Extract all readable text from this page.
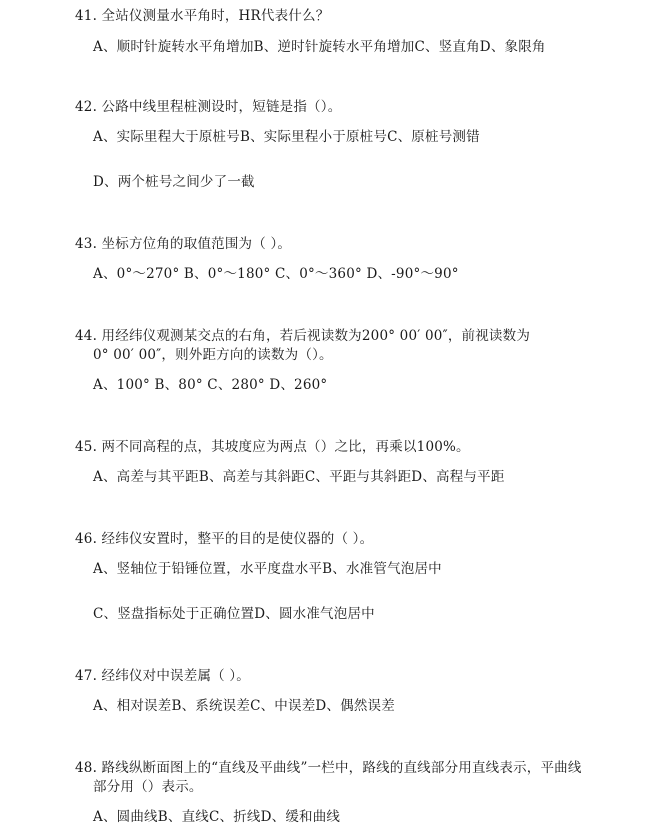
41. 全站仪测量水平角时，HR代表什么？
A、顺时针旋转水平角增加B、逆时针旋转水平角增加C、竖直角D、象限角
42. 公路中线里程桩测设时，短链是指（）。
A、实际里程大于原桩号B、实际里程小于原桩号C、原桩号测错
D、两个桩号之间少了一截
43. 坐标方位角的取值范围为（ ）。
A、0°～270° B、0°～180° C、0°～360° D、-90°～90°
44. 用经纬仪观测某交点的右角，若后视读数为200° 00′ 00″，前视读数为
0° 00′ 00″，则外距方向的读数为（）。
A、100° B、80° C、280° D、260°
45. 两不同高程的点，其坡度应为两点（）之比，再乘以100%。
A、高差与其平距B、高差与其斜距C、平距与其斜距D、高程与平距
46. 经纬仪安置时，整平的目的是使仪器的（ ）。
A、竖轴位于铅锤位置，水平度盘水平B、水准管气泡居中
C、竖盘指标处于正确位置D、圆水准气泡居中
47. 经纬仪对中误差属（ ）。
A、相对误差B、系统误差C、中误差D、偶然误差
48. 路线纵断面图上的“直线及平曲线”一栏中，路线的直线部分用直线表示，平曲线
部分用（）表示。
A、圆曲线B、直线C、折线D、缓和曲线
